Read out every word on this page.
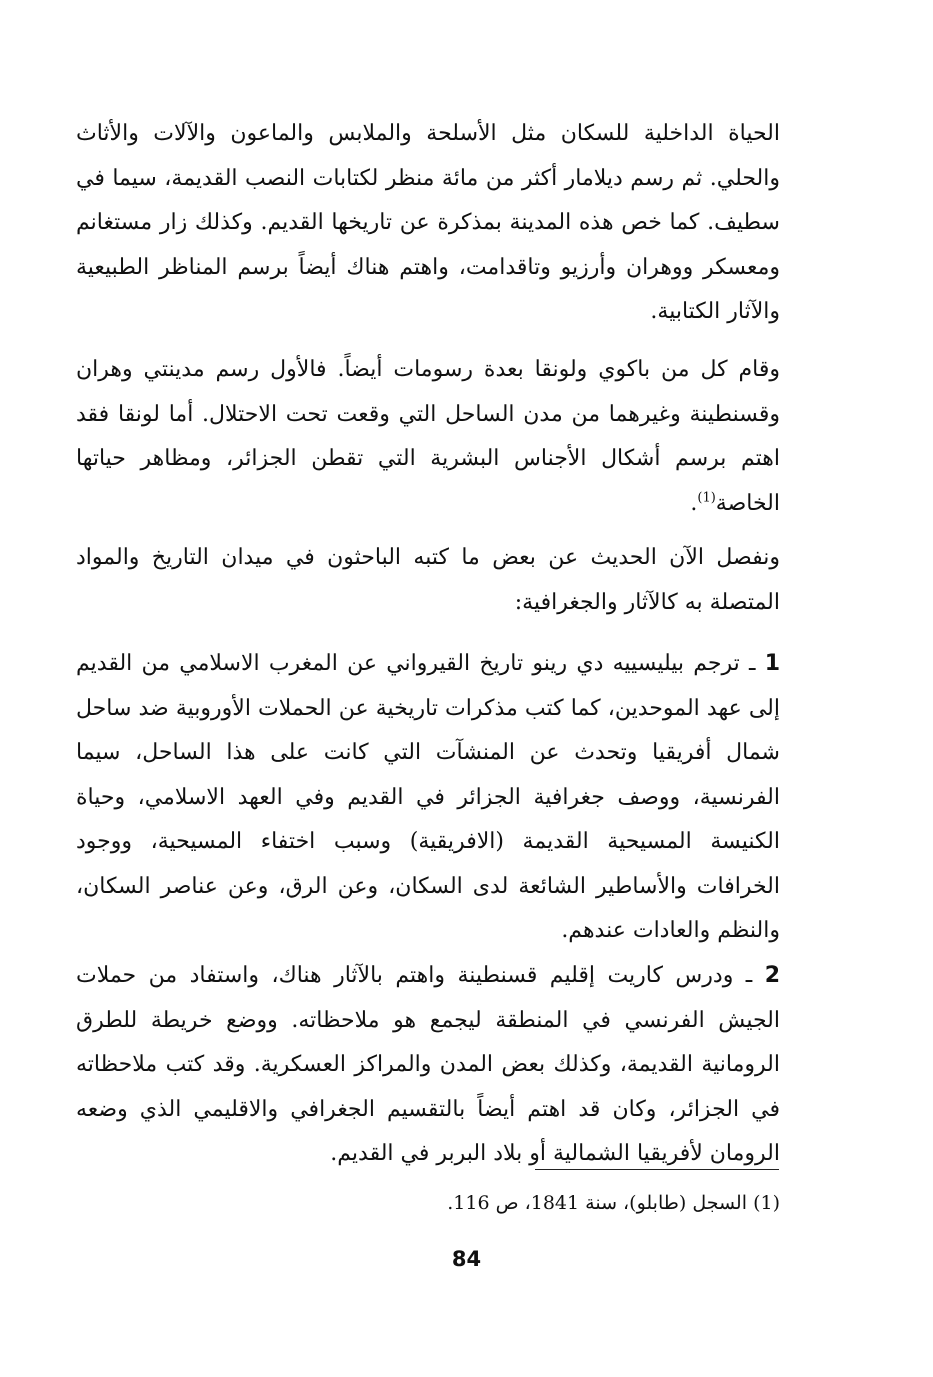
الحياة الداخلية للسكان مثل الأسلحة والملابس والماعون والآلات والأثاث والحلي. ثم رسم ديلامار أكثر من مائة منظر لكتابات النصب القديمة، سيما في سطيف. كما خص هذه المدينة بمذكرة عن تاريخها القديم. وكذلك زار مستغانم ومعسكر ووهران وأرزيو وتاقدامت، واهتم هناك أيضاً برسم المناظر الطبيعية والآثار الكتابية.

وقام كل من باكوي ولونقا بعدة رسومات أيضاً. فالأول رسم مدينتي وهران وقسنطينة وغيرهما من مدن الساحل التي وقعت تحت الاحتلال. أما لونقا فقد اهتم برسم أشكال الأجناس البشرية التي تقطن الجزائر، ومظاهر حياتها الخاصة$^{(1)}$.

ونفصل الآن الحديث عن بعض ما كتبه الباحثون في ميدان التاريخ والمواد المتصلة به كالآثار والجغرافية:

1 ـ ترجم بيليسييه دي رينو تاريخ القيرواني عن المغرب الاسلامي من القديم إلى عهد الموحدين، كما كتب مذكرات تاريخية عن الحملات الأوروبية ضد ساحل شمال أفريقيا وتحدث عن المنشآت التي كانت على هذا الساحل، سيما الفرنسية، ووصف جغرافية الجزائر في القديم وفي العهد الاسلامي، وحياة الكنيسة المسيحية القديمة (الافريقية) وسبب اختفاء المسيحية، ووجود الخرافات والأساطير الشائعة لدى السكان، وعن الرق، وعن عناصر السكان، والنظم والعادات عندهم.

2 ـ ودرس كاريت إقليم قسنطينة واهتم بالآثار هناك، واستفاد من حملات الجيش الفرنسي في المنطقة ليجمع هو ملاحظاته. ووضع خريطة للطرق الرومانية القديمة، وكذلك بعض المدن والمراكز العسكرية. وقد كتب ملاحظاته في الجزائر، وكان قد اهتم أيضاً بالتقسيم الجغرافي والاقليمي الذي وضعه الرومان لأفريقيا الشمالية أو بلاد البربر في القديم.

(1) السجل (طابلو)، سنة 1841، ص 116.

84
